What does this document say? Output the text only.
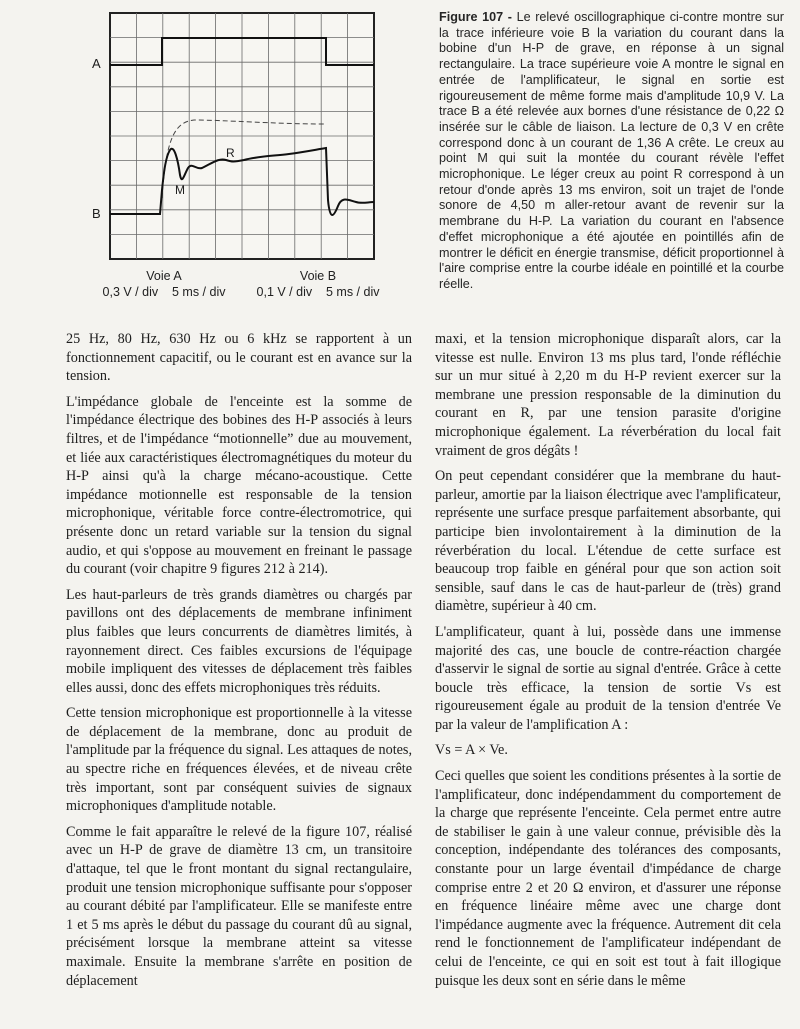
A
B
M
R
Voie A
0,3 V / div    5 ms / div
Voie B
0,1 V / div    5 ms / div

Figure 107 - Le relevé oscillographique ci-contre montre sur la trace inférieure voie B la variation du courant dans la bobine d'un H-P de grave, en réponse à un signal rectangulaire. La trace supérieure voie A montre le signal en entrée de l'amplificateur, le signal en sortie est rigoureusement de même forme mais d'amplitude 10,9 V. La trace B a été relevée aux bornes d'une résistance de 0,22 Ω insérée sur le câble de liaison. La lecture de 0,3 V en crête correspond donc à un courant de 1,36 A crête. Le creux au point M qui suit la montée du courant révèle l'effet microphonique. Le léger creux au point R correspond à un retour d'onde après 13 ms environ, soit un trajet de l'onde sonore de 4,50 m aller-retour avant de revenir sur la membrane du H-P. La variation du courant en l'absence d'effet microphonique a été ajoutée en pointillés afin de montrer le déficit en énergie transmise, déficit proportionnel à l'aire comprise entre la courbe idéale en pointillé et la courbe réelle.

25 Hz, 80 Hz, 630 Hz ou 6 kHz se rapportent à un fonctionnement capacitif, ou le courant est en avance sur la tension.

L'impédance globale de l'enceinte est la somme de l'impédance électrique des bobines des H-P associés à leurs filtres, et de l'impédance “motionnelle” due au mouvement, et liée aux caractéristiques électromagnétiques du moteur du H-P ainsi qu'à la charge mécano-acoustique. Cette impédance motionnelle est responsable de la tension microphonique, véritable force contre-électromotrice, qui présente donc un retard variable sur la tension du signal audio, et qui s'oppose au mouvement en freinant le passage du courant (voir chapitre 9 figures 212 à 214).

Les haut-parleurs de très grands diamètres ou chargés par pavillons ont des déplacements de membrane infiniment plus faibles que leurs concurrents de diamètres limités, à rayonnement direct. Ces faibles excursions de l'équipage mobile impliquent des vitesses de déplacement très faibles elles aussi, donc des effets microphoniques très réduits.

Cette tension microphonique est proportionnelle à la vitesse de déplacement de la membrane, donc au produit de l'amplitude par la fréquence du signal. Les attaques de notes, au spectre riche en fréquences élevées, et de niveau crête très important, sont par conséquent suivies de signaux microphoniques d'amplitude notable.

Comme le fait apparaître le relevé de la figure 107, réalisé avec un H-P de grave de diamètre 13 cm, un transitoire d'attaque, tel que le front montant du signal rectangulaire, produit une tension microphonique suffisante pour s'opposer au courant débité par l'amplificateur. Elle se manifeste entre 1 et 5 ms après le début du passage du courant dû au signal, précisément lorsque la membrane atteint sa vitesse maximale. Ensuite la membrane s'arrête en position de déplacement

maxi, et la tension microphonique disparaît alors, car la vitesse est nulle. Environ 13 ms plus tard, l'onde réfléchie sur un mur situé à 2,20 m du H-P revient exercer sur la membrane une pression responsable de la diminution du courant en R, par une tension parasite d'origine microphonique également. La réverbération du local fait vraiment de gros dégâts !

On peut cependant considérer que la membrane du haut-parleur, amortie par la liaison électrique avec l'amplificateur, représente une surface presque parfaitement absorbante, qui participe bien involontairement à la diminution de la réverbération du local. L'étendue de cette surface est beaucoup trop faible en général pour que son action soit sensible, sauf dans le cas de haut-parleur de (très) grand diamètre, supérieur à 40 cm.

L'amplificateur, quant à lui, possède dans une immense majorité des cas, une boucle de contre-réaction chargée d'asservir le signal de sortie au signal d'entrée. Grâce à cette boucle très efficace, la tension de sortie Vs est rigoureusement égale au produit de la tension d'entrée Ve par la valeur de l'amplification A :

Vs = A × Ve.

Ceci quelles que soient les conditions présentes à la sortie de l'amplificateur, donc indépendamment du comportement de la charge que représente l'enceinte. Cela permet entre autre de stabiliser le gain à une valeur connue, prévisible dès la conception, indépendante des tolérances des composants, constante pour un large éventail d'impédance de charge comprise entre 2 et 20 Ω environ, et d'assurer une réponse en fréquence linéaire même avec une charge dont l'impédance augmente avec la fréquence. Autrement dit cela rend le fonctionnement de l'amplificateur indépendant de celui de l'enceinte, ce qui en soit est tout à fait illogique puisque les deux sont en série dans le même
